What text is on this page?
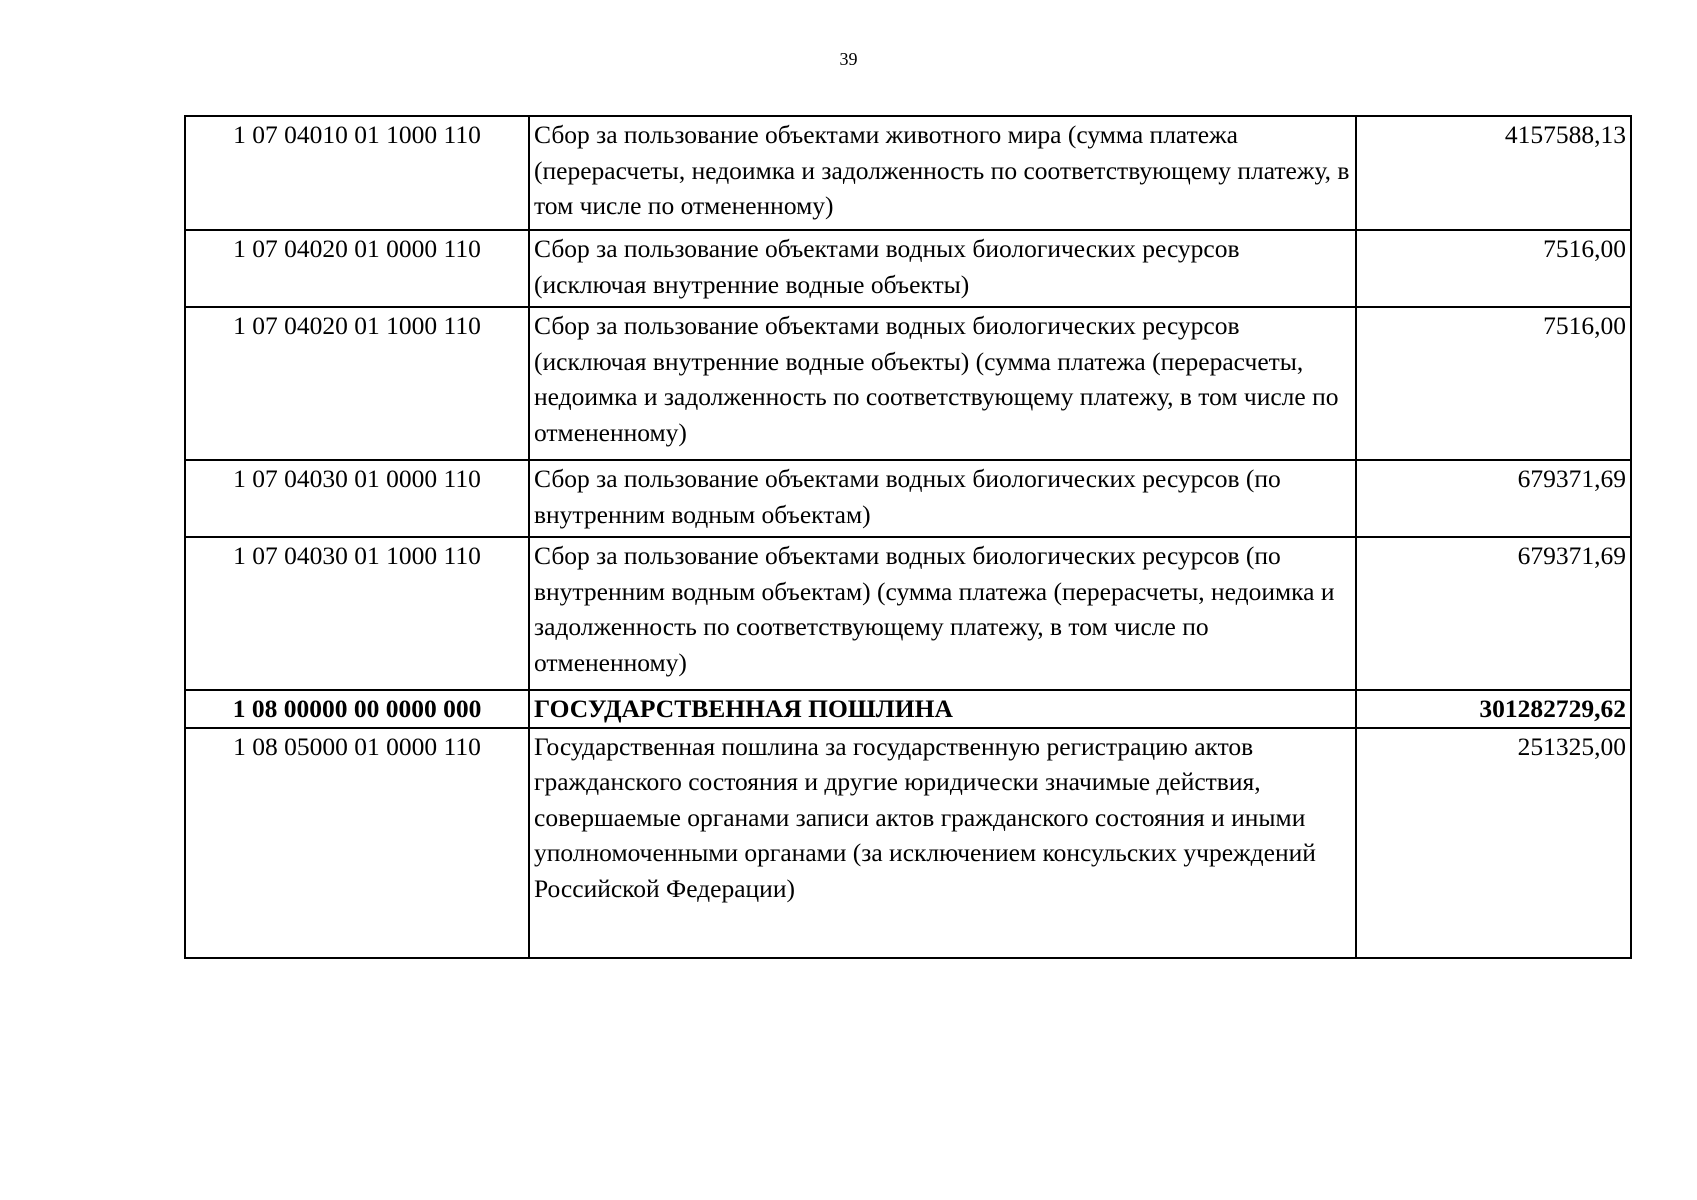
39
1 07 04010 01 1000 110	Сбор за пользование объектами животного мира (сумма платежа (перерасчеты, недоимка и задолженность по соответствующему платежу, в том числе по отмененному)	4157588,13
1 07 04020 01 0000 110	Сбор за пользование объектами водных биологических ресурсов (исключая внутренние водные объекты)	7516,00
1 07 04020 01 1000 110	Сбор за пользование объектами водных биологических ресурсов (исключая внутренние водные объекты) (сумма платежа (перерасчеты, недоимка и задолженность по соответствующему платежу, в том числе по отмененному)	7516,00
1 07 04030 01 0000 110	Сбор за пользование объектами водных биологических ресурсов (по внутренним водным объектам)	679371,69
1 07 04030 01 1000 110	Сбор за пользование объектами водных биологических ресурсов (по внутренним водным объектам) (сумма платежа (перерасчеты, недоимка и задолженность по соответствующему платежу, в том числе по отмененному)	679371,69
1 08 00000 00 0000 000	ГОСУДАРСТВЕННАЯ ПОШЛИНА	301282729,62
1 08 05000 01 0000 110	Государственная пошлина за государственную регистрацию актов гражданского состояния и другие юридически значимые действия, совершаемые органами записи актов гражданского состояния и иными уполномоченными органами (за исключением консульских учреждений Российской Федерации)	251325,00
